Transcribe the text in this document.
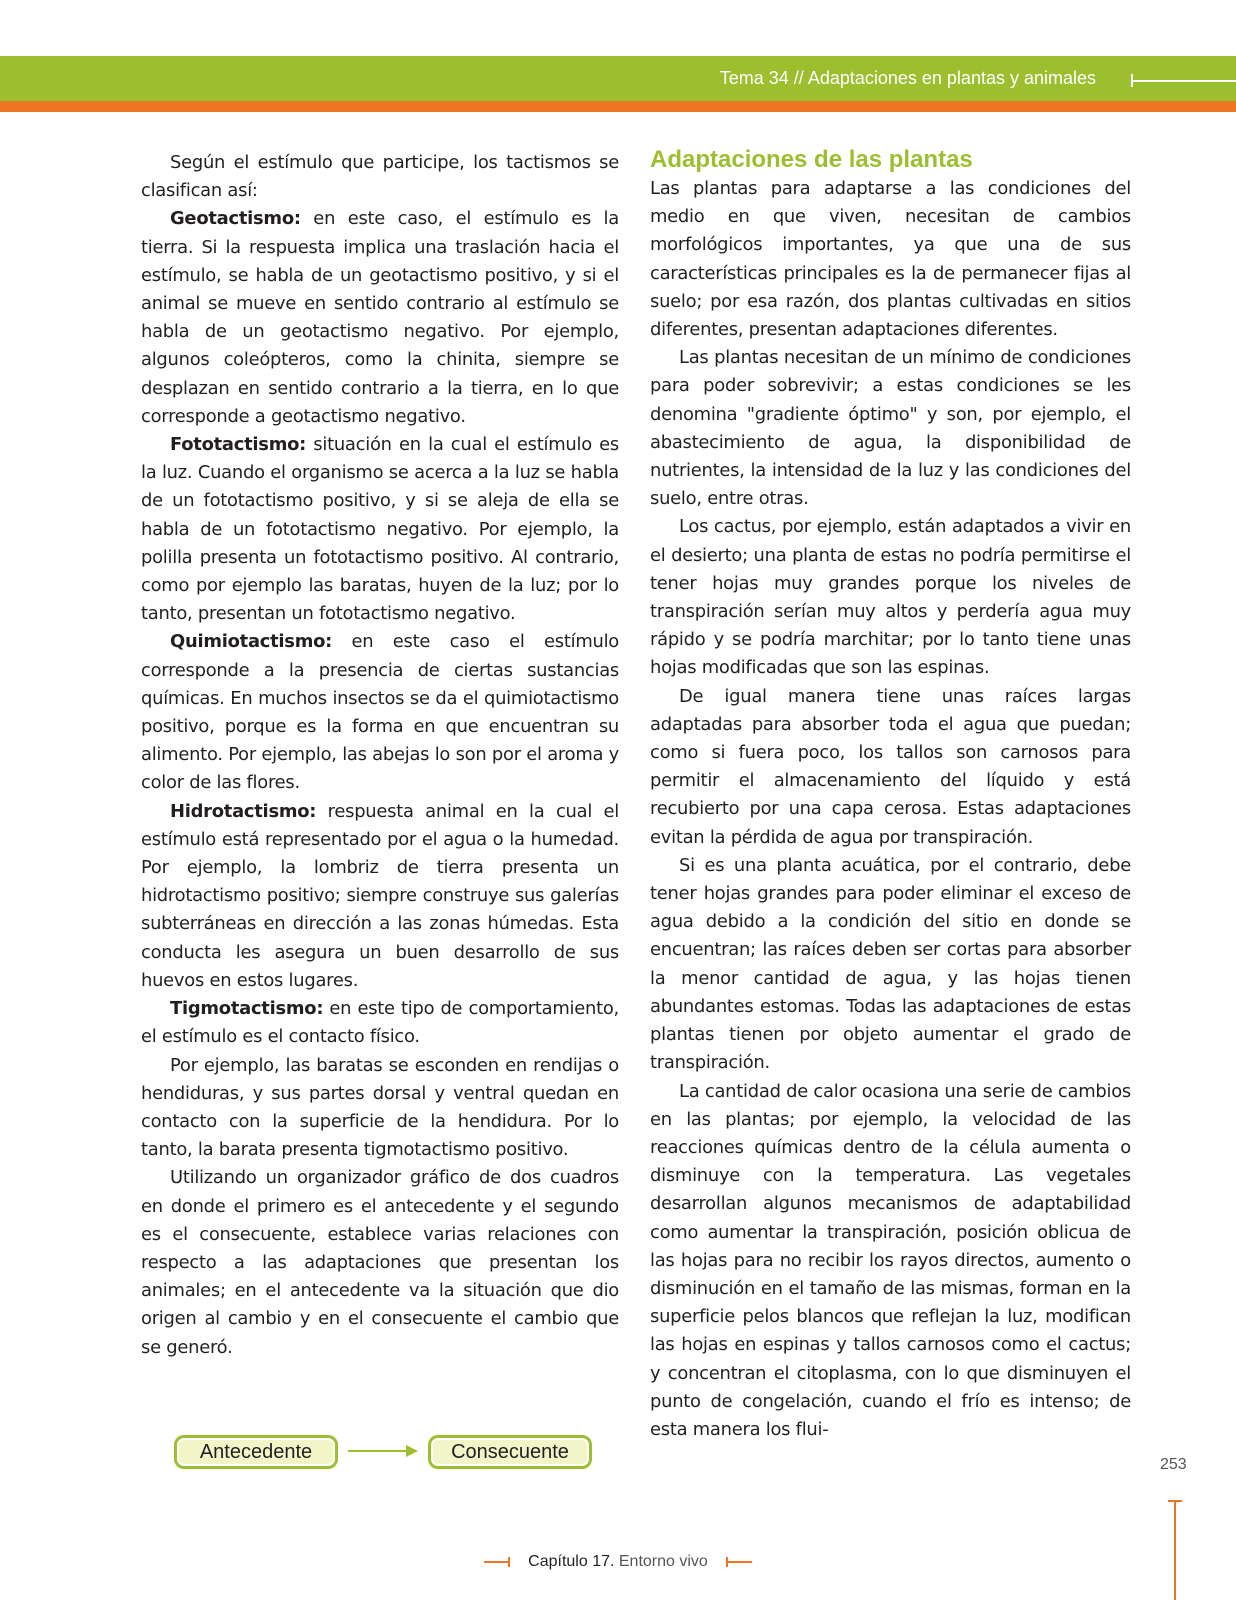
Tema 34 // Adaptaciones en plantas y animales

Según el estímulo que participe, los tactismos se clasifican así:

Geotactismo: en este caso, el estímulo es la tierra. Si la respuesta implica una traslación hacia el estímulo, se habla de un geotactismo positivo, y si el animal se mueve en sentido contrario al estímulo se habla de un geotactismo negativo. Por ejemplo, algunos coleópteros, como la chinita, siempre se desplazan en sentido contrario a la tierra, en lo que corresponde a geotactismo negativo.

Fototactismo: situación en la cual el estímulo es la luz. Cuando el organismo se acerca a la luz se habla de un fototactismo positivo, y si se aleja de ella se habla de un fototactismo negativo. Por ejemplo, la polilla presenta un fototactismo positivo. Al contrario, como por ejemplo las baratas, huyen de la luz; por lo tanto, presentan un fototactismo negativo.

Quimiotactismo: en este caso el estímulo corresponde a la presencia de ciertas sustancias químicas. En muchos insectos se da el quimiotactismo positivo, porque es la forma en que encuentran su alimento. Por ejemplo, las abejas lo son por el aroma y color de las flores.

Hidrotactismo: respuesta animal en la cual el estímulo está representado por el agua o la humedad. Por ejemplo, la lombriz de tierra presenta un hidrotactismo positivo; siempre construye sus galerías subterráneas en dirección a las zonas húmedas. Esta conducta les asegura un buen desarrollo de sus huevos en estos lugares.

Tigmotactismo: en este tipo de comportamiento, el estímulo es el contacto físico.

Por ejemplo, las baratas se esconden en rendijas o hendiduras, y sus partes dorsal y ventral quedan en contacto con la superficie de la hendidura. Por lo tanto, la barata presenta tigmotactismo positivo.

Utilizando un organizador gráfico de dos cuadros en donde el primero es el antecedente y el segundo es el consecuente, establece varias relaciones con respecto a las adaptaciones que presentan los animales; en el antecedente va la situación que dio origen al cambio y en el consecuente el cambio que se generó.

Antecedente	Consecuente
Adaptaciones de las plantas

Las plantas para adaptarse a las condiciones del medio en que viven, necesitan de cambios morfológicos importantes, ya que una de sus características principales es la de permanecer fijas al suelo; por esa razón, dos plantas cultivadas en sitios diferentes, presentan adaptaciones diferentes.

Las plantas necesitan de un mínimo de condiciones para poder sobrevivir; a estas condiciones se les denomina "gradiente óptimo" y son, por ejemplo, el abastecimiento de agua, la disponibilidad de nutrientes, la intensidad de la luz y las condiciones del suelo, entre otras.

Los cactus, por ejemplo, están adaptados a vivir en el desierto; una planta de estas no podría permitirse el tener hojas muy grandes porque los niveles de transpiración serían muy altos y perdería agua muy rápido y se podría marchitar; por lo tanto tiene unas hojas modificadas que son las espinas.

De igual manera tiene unas raíces largas adaptadas para absorber toda el agua que puedan; como si fuera poco, los tallos son carnosos para permitir el almacenamiento del líquido y está recubierto por una capa cerosa. Estas adaptaciones evitan la pérdida de agua por transpiración.

Si es una planta acuática, por el contrario, debe tener hojas grandes para poder eliminar el exceso de agua debido a la condición del sitio en donde se encuentran; las raíces deben ser cortas para absorber la menor cantidad de agua, y las hojas tienen abundantes estomas. Todas las adaptaciones de estas plantas tienen por objeto aumentar el grado de transpiración.

La cantidad de calor ocasiona una serie de cambios en las plantas; por ejemplo, la velocidad de las reacciones químicas dentro de la célula aumenta o disminuye con la temperatura. Las vegetales desarrollan algunos mecanismos de adaptabilidad como aumentar la transpiración, posición oblicua de las hojas para no recibir los rayos directos, aumento o disminución en el tamaño de las mismas, forman en la superficie pelos blancos que reflejan la luz, modifican las hojas en espinas y tallos carnosos como el cactus; y concentran el citoplasma, con lo que disminuyen el punto de congelación, cuando el frío es intenso; de esta manera los flui-

253
Capítulo 17. Entorno vivo
